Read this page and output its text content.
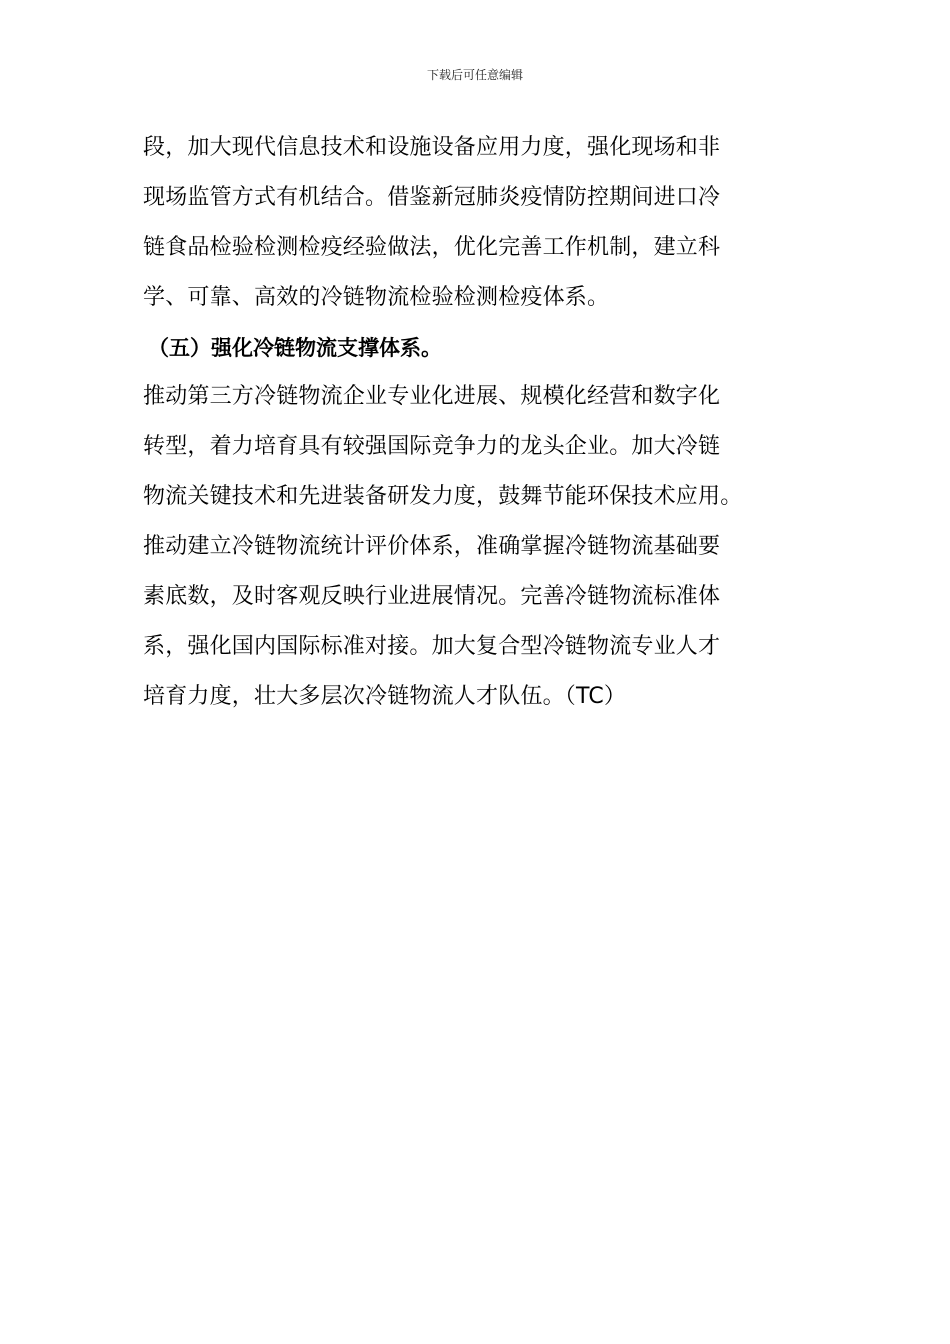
下载后可任意编辑
段，加大现代信息技术和设施设备应用力度，强化现场和非
现场监管方式有机结合。借鉴新冠肺炎疫情防控期间进口冷
链食品检验检测检疫经验做法，优化完善工作机制，建立科
学、可靠、高效的冷链物流检验检测检疫体系。
（五）强化冷链物流支撑体系。
推动第三方冷链物流企业专业化进展、规模化经营和数字化
转型，着力培育具有较强国际竞争力的龙头企业。加大冷链
物流关键技术和先进装备研发力度，鼓舞节能环保技术应用。
推动建立冷链物流统计评价体系，准确掌握冷链物流基础要
素底数，及时客观反映行业进展情况。完善冷链物流标准体
系，强化国内国际标准对接。加大复合型冷链物流专业人才
培育力度，壮大多层次冷链物流人才队伍。（TC）
